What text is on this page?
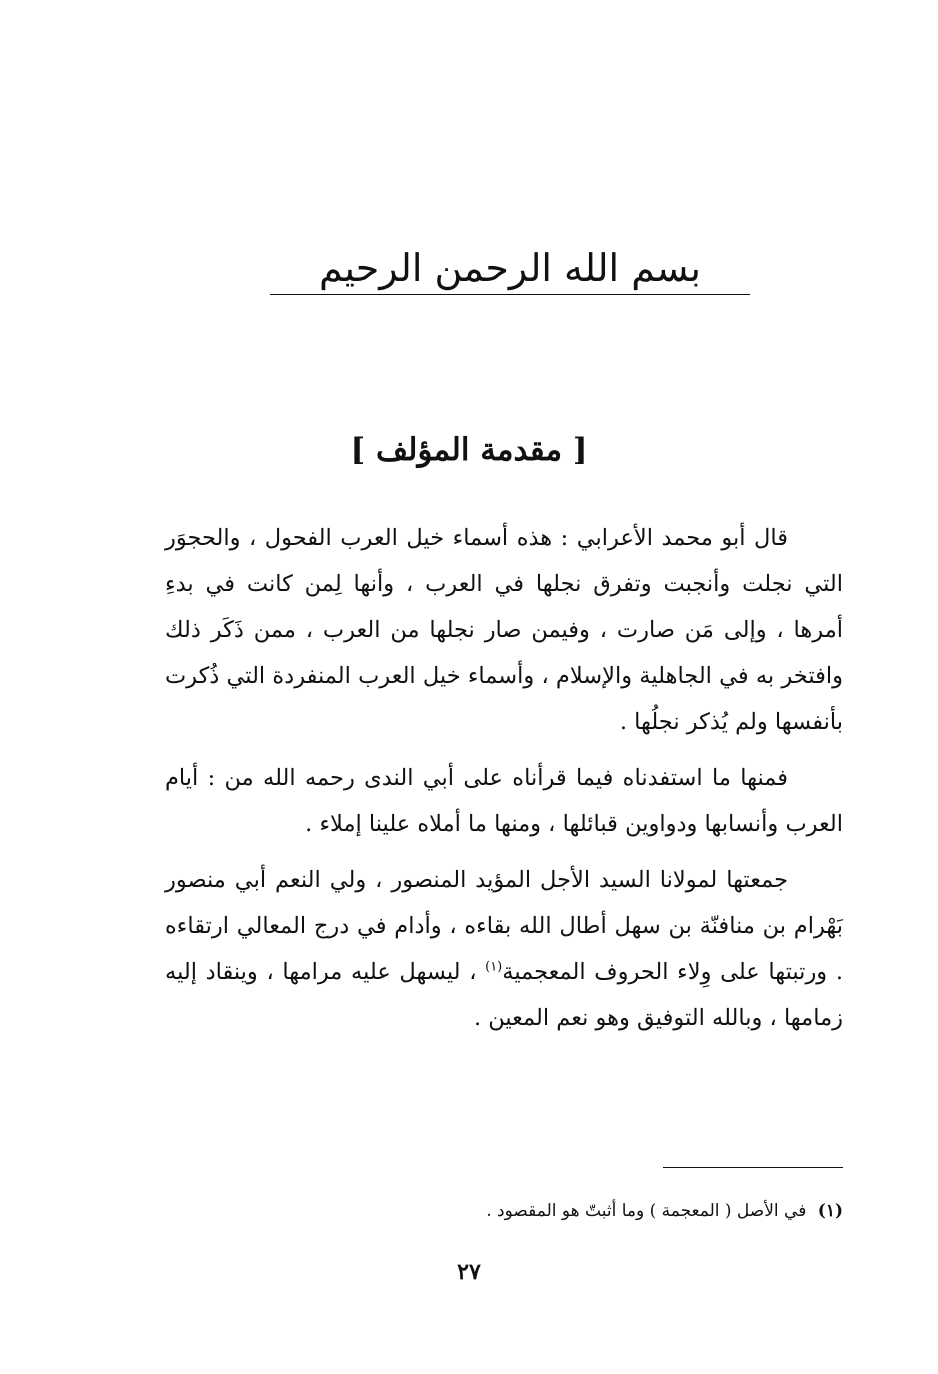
بسم الله الرحمن الرحيم
[ مقدمة المؤلف ]

قال أبو محمد الأعرابي : هذه أسماء خيل العرب الفحول ، والحجوَر التي نجلت وأنجبت وتفرق نجلها في العرب ، وأنها لِمن كانت في بدءِ أمرها ، وإلى مَن صارت ، وفيمن صار نجلها من العرب ، ممن ذَكَر ذلك وافتخر به في الجاهلية والإسلام ، وأسماء خيل العرب المنفردة التي ذُكرت بأنفسها ولم يُذكر نجلُها .

فمنها ما استفدناه فيما قرأناه على أبي الندى رحمه الله من : أيام العرب وأنسابها ودواوين قبائلها ، ومنها ما أملاه علينا إملاء .

جمعتها لمولانا السيد الأجل المؤيد المنصور ، ولي النعم أبي منصور بَهْرام بن منافنّة بن سهل أطال الله بقاءه ، وأدام في درج المعالي ارتقاءه . ورتبتها على وِلاء الحروف المعجمية$^{(١)}$ ، ليسهل عليه مرامها ، وينقاد إليه زمامها ، وبالله التوفيق وهو نعم المعين .

(١) في الأصل ( المعجمة ) وما أثبتّ هو المقصود .
٢٧
